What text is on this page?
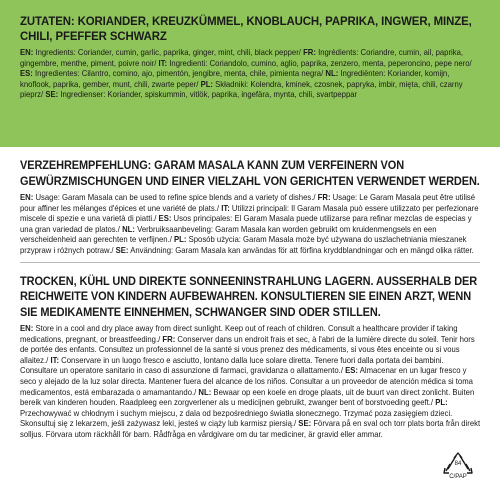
ZUTATEN: KORIANDER, KREUZKÜMMEL, KNOBLAUCH, PAPRIKA, INGWER, MINZE, CHILI, PFEFFER SCHWARZ
EN: Ingredients: Coriander, cumin, garlic, paprika, ginger, mint, chili, black pepper/ FR: Ingrédients: Coriandre, cumin, ail, paprika, gingembre, menthe, piment, poivre noir/ IT: Ingredienti: Coriandolo, cumino, aglio, paprika, zenzero, menta, peperoncino, pepe nero/ ES: Ingredientes: Cilantro, comino, ajo, pimentón, jengibre, menta, chile, pimienta negra/ NL: Ingrediënten: Koriander, komijn, knoflook, paprika, gember, munt, chili, zwarte peper/ PL: Składniki: Kolendra, kminek, czosnek, papryka, imbir, mięta, chili, czarny pieprz/ SE: Ingredienser: Koriander, spiskummin, vitlök, paprika, ingefära, mynta, chili, svartpeppar
VERZEHREMPFEHLUNG: GARAM MASALA KANN ZUM VERFEINERN VON GEWÜRZMISCHUNGEN UND EINER VIELZAHL VON GERICHTEN VERWENDET WERDEN.
EN: Usage: Garam Masala can be used to refine spice blends and a variety of dishes./ FR: Usage: Le Garam Masala peut être utilisé pour affiner les mélanges d'épices et une variété de plats./ IT: Utilizzi principali: Il Garam Masala può essere utilizzato per perfezionare miscele di spezie e una varietà di piatti./ ES: Usos principales: El Garam Masala puede utilizarse para refinar mezclas de especias y una gran variedad de platos./ NL: Verbruiksaanbeveling: Garam Masala kan worden gebruikt om kruidenmengsels en een verscheidenheid aan gerechten te verfijnen./ PL: Sposób użycia: Garam Masala może być używana do uszlachetniania mieszanek przypraw i różnych potraw./ SE: Användning: Garam Masala kan användas för att förfina kryddblandningar och en mängd olika rätter.
TROCKEN, KÜHL UND DIREKTE SONNEENINSTRAHLUNG LAGERN. AUSSERHALB DER REICHWEITE VON KINDERN AUFBEWAHREN. KONSULTIEREN SIE EINEN ARZT, WENN SIE MEDIKAMENTE EINNEHMEN, SCHWANGER SIND ODER STILLEN.
EN: Store in a cool and dry place away from direct sunlight. Keep out of reach of children. Consult a healthcare provider if taking medications, pregnant, or breastfeeding./ FR: Conserver dans un endroit frais et sec, à l'abri de la lumière directe du soleil. Tenir hors de portée des enfants. Consultez un professionnel de la santé si vous prenez des médicaments, si vous êtes enceinte ou si vous allaitez./ IT: Conservare in un luogo fresco e asciutto, lontano dalla luce solare diretta. Tenere fuori dalla portata dei bambini. Consultare un operatore sanitario in caso di assunzione di farmaci, gravidanza o allattamento./ ES: Almacenar en un lugar fresco y seco y alejado de la luz solar directa. Mantener fuera del alcance de los niños. Consultar a un proveedor de atención médica si toma medicamentos, está embarazada o amamantando./ NL: Bewaar op een koele en droge plaats, uit de buurt van direct zonlicht. Buiten bereik van kinderen houden. Raadpleeg een zorgverlener als u medicijnen gebruikt, zwanger bent of borstvoeding geeft./ PL: Przechowywać w chłodnym i suchym miejscu, z dala od bezpośredniego światła słonecznego. Trzymać poza zasięgiem dzieci. Skonsultuj się z lekarzem, jeśli zażywasz leki, jesteś w ciąży lub karmisz piersią./ SE: Förvara på en sval och torr plats borta från direkt solljus. Förvara utom räckhåll för barn. Rådfråga en vårdgivare om du tar mediciner, är gravid eller ammar.
84
C/PAP
